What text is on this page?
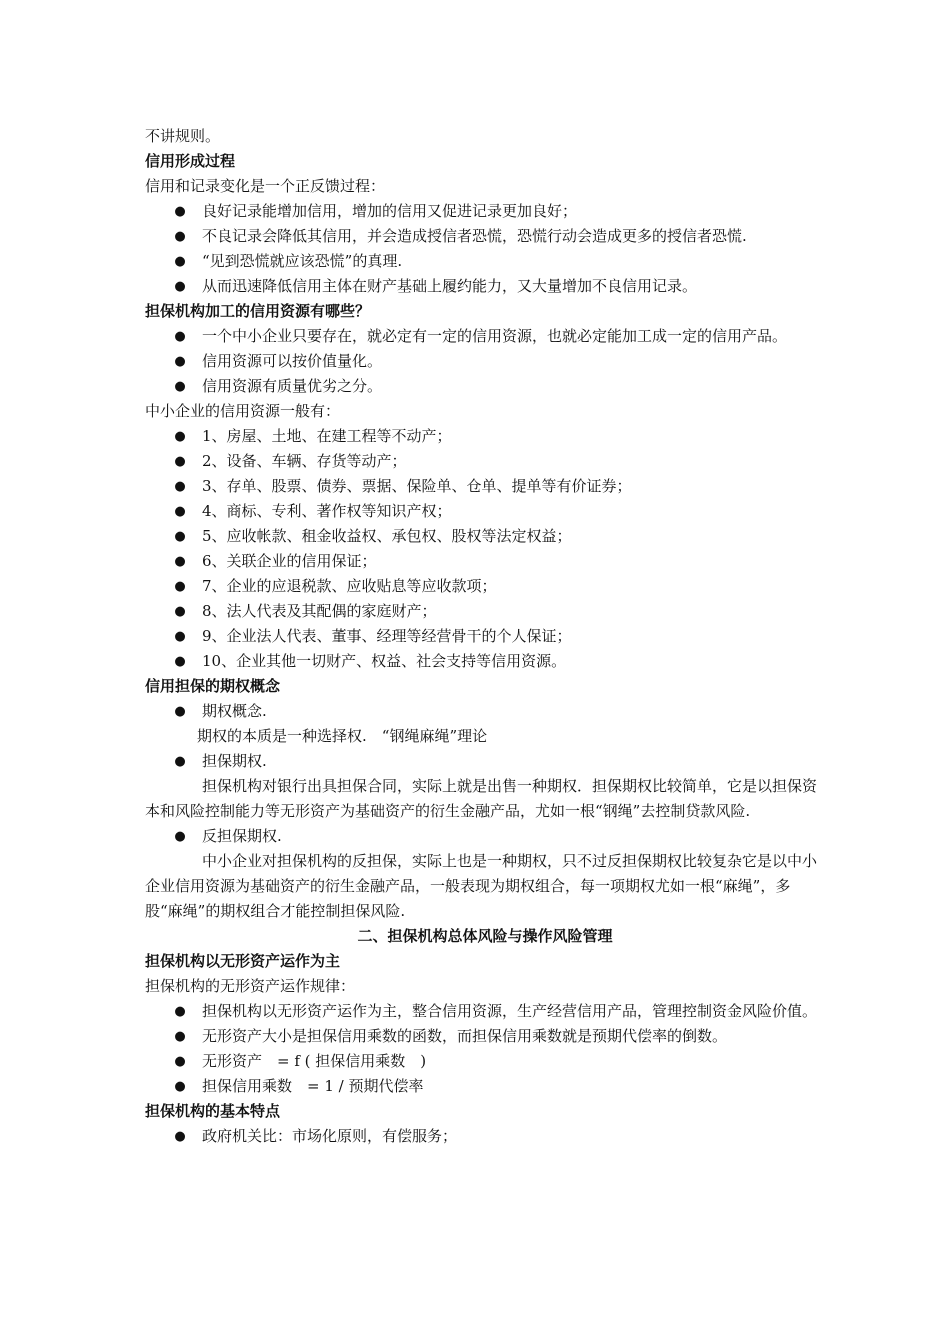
不讲规则。
信用形成过程
信用和记录变化是一个正反馈过程：
● 良好记录能增加信用，增加的信用又促进记录更加良好；
● 不良记录会降低其信用，并会造成授信者恐慌，恐慌行动会造成更多的授信者恐慌.
● “见到恐慌就应该恐慌”的真理.
● 从而迅速降低信用主体在财产基础上履约能力，又大量增加不良信用记录。
担保机构加工的信用资源有哪些？
● 一个中小企业只要存在，就必定有一定的信用资源，也就必定能加工成一定的信用产品。
● 信用资源可以按价值量化。
● 信用资源有质量优劣之分。
中小企业的信用资源一般有：
● 1、房屋、土地、在建工程等不动产；
● 2、设备、车辆、存货等动产；
● 3、存单、股票、债券、票据、保险单、仓单、提单等有价证券；
● 4、商标、专利、著作权等知识产权；
● 5、应收帐款、租金收益权、承包权、股权等法定权益；
● 6、关联企业的信用保证；
● 7、企业的应退税款、应收贴息等应收款项；
● 8、法人代表及其配偶的家庭财产；
● 9、企业法人代表、董事、经理等经营骨干的个人保证；
● 10、企业其他一切财产、权益、社会支持等信用资源。
信用担保的期权概念
● 期权概念.
期权的本质是一种选择权.　“钢绳麻绳”理论
● 担保期权.
担保机构对银行出具担保合同，实际上就是出售一种期权．担保期权比较简单，它是以担保资本和风险控制能力等无形资产为基础资产的衍生金融产品，尤如一根“钢绳”去控制贷款风险.
● 反担保期权.
中小企业对担保机构的反担保，实际上也是一种期权，只不过反担保期权比较复杂它是以中小企业信用资源为基础资产的衍生金融产品，一般表现为期权组合，每一项期权尤如一根“麻绳”，多股“麻绳”的期权组合才能控制担保风险.
二、担保机构总体风险与操作风险管理
担保机构以无形资产运作为主
担保机构的无形资产运作规律：
● 担保机构以无形资产运作为主，整合信用资源，生产经营信用产品，管理控制资金风险价值。
● 无形资产大小是担保信用乘数的函数，而担保信用乘数就是预期代偿率的倒数。
● 无形资产　= f ( 担保信用乘数　)
● 担保信用乘数　= 1 / 预期代偿率
担保机构的基本特点
● 政府机关比：市场化原则，有偿服务；
